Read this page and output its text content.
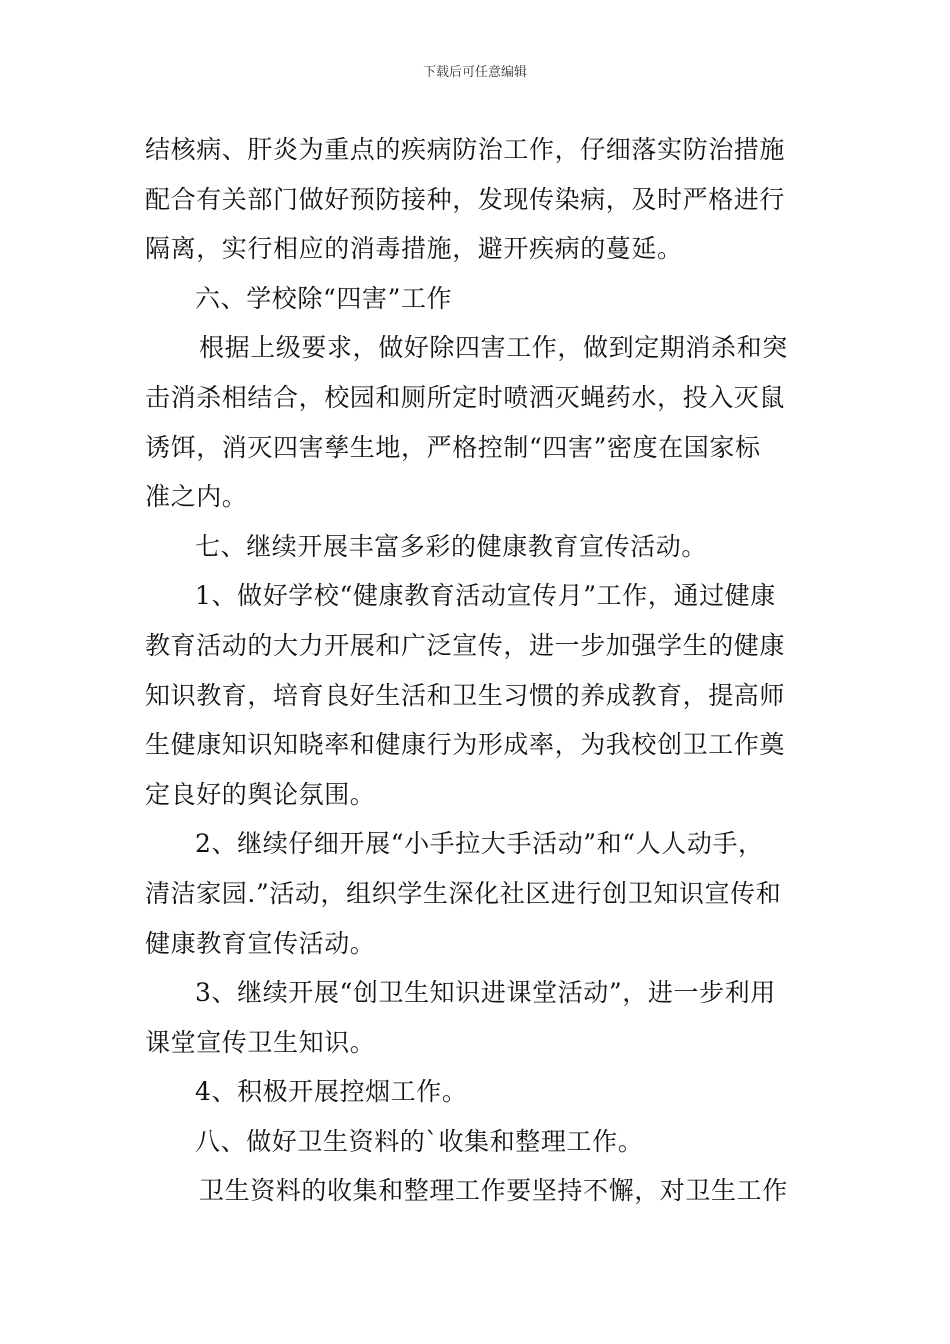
下载后可任意编辑
结核病、肝炎为重点的疾病防治工作，仔细落实防治措施
配合有关部门做好预防接种，发现传染病，及时严格进行
隔离，实行相应的消毒措施，避开疾病的蔓延。
六、学校除“四害”工作
根据上级要求，做好除四害工作，做到定期消杀和突
击消杀相结合，校园和厕所定时喷洒灭蝇药水，投入灭鼠
诱饵，消灭四害孳生地，严格控制“四害”密度在国家标
准之内。
七、继续开展丰富多彩的健康教育宣传活动。
1、做好学校“健康教育活动宣传月”工作，通过健康
教育活动的大力开展和广泛宣传，进一步加强学生的健康
知识教育，培育良好生活和卫生习惯的养成教育，提高师
生健康知识知晓率和健康行为形成率，为我校创卫工作奠
定良好的舆论氛围。
2、继续仔细开展“小手拉大手活动”和“人人动手，
清洁家园.”活动，组织学生深化社区进行创卫知识宣传和
健康教育宣传活动。
3、继续开展“创卫生知识进课堂活动”，进一步利用
课堂宣传卫生知识。
4、积极开展控烟工作。
八、做好卫生资料的`收集和整理工作。
卫生资料的收集和整理工作要坚持不懈，对卫生工作
